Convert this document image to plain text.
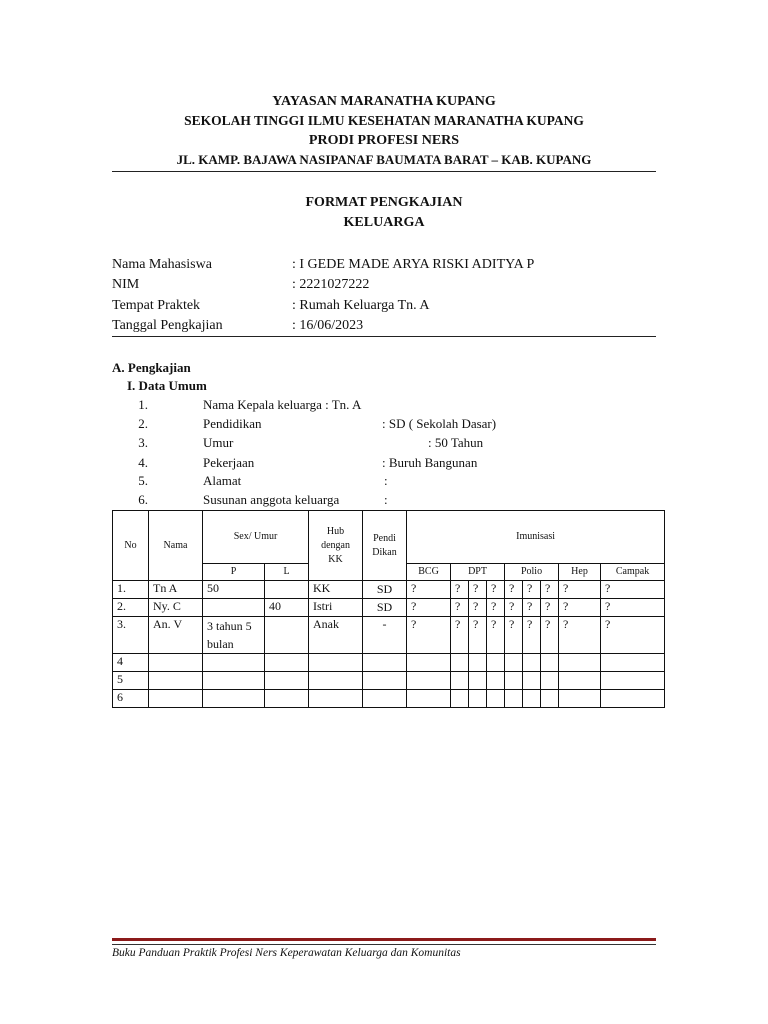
YAYASAN MARANATHA KUPANG
SEKOLAH TINGGI ILMU KESEHATAN MARANATHA KUPANG
PRODI PROFESI NERS
JL. KAMP. BAJAWA NASIPANAF BAUMATA BARAT – KAB. KUPANG
FORMAT PENGKAJIAN
KELUARGA
Nama Mahasiswa	: I GEDE MADE ARYA RISKI ADITYA P
NIM	: 2221027222
Tempat Praktek	: Rumah Keluarga Tn. A
Tanggal Pengkajian	: 16/06/2023
A. Pengkajian
I. Data Umum
1.	Nama Kepala keluarga : Tn. A
2.	Pendidikan	: SD ( Sekolah Dasar)
3.	Umur	: 50 Tahun
4.	Pekerjaan	: Buruh Bangunan
5.	Alamat	:
6.	Susunan anggota keluarga	:
No	Nama	Sex/ Umur		Hub dengan KK	Pendi Dikan	Imunisasi								
		P	L			BCG	DPT			Polio			Hep	Campak
1.	Tn A	50		KK	SD	?	?	?	?	?	?	?	?	?
2.	Ny. C		40	Istri	SD	?	?	?	?	?	?	?	?	?
3.	An. V	3 tahun 5 bulan		Anak	-	?	?	?	?	?	?	?	?	?
4														
5														
6														
Buku Panduan Praktik Profesi Ners Keperawatan Keluarga dan Komunitas
